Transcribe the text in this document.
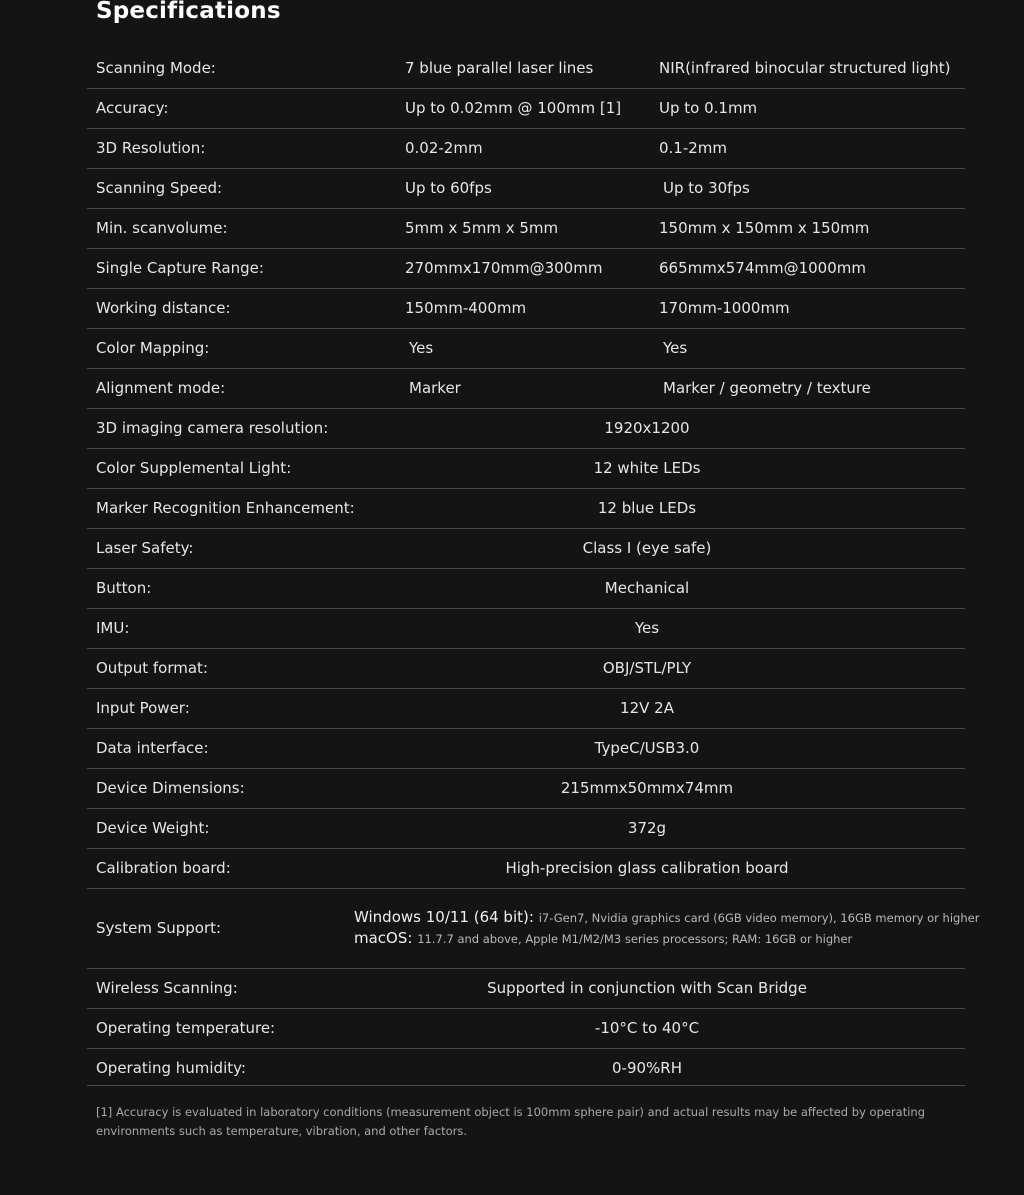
Specifications
Scanning Mode:	7 blue parallel laser lines	NIR(infrared binocular structured light)
Accuracy:	Up to 0.02mm @ 100mm [1]	Up to 0.1mm
3D Resolution:	0.02-2mm	0.1-2mm
Scanning Speed:	Up to 60fps	Up to 30fps
Min. scanvolume:	5mm x 5mm x 5mm	150mm x 150mm x 150mm
Single Capture Range:	270mmx170mm@300mm	665mmx574mm@1000mm
Working distance:	150mm-400mm	170mm-1000mm
Color Mapping:	Yes	Yes
Alignment mode:	Marker	Marker / geometry / texture
3D imaging camera resolution:	1920x1200
Color Supplemental Light:	12 white LEDs
Marker Recognition Enhancement:	12 blue LEDs
Laser Safety:	Class I (eye safe)
Button:	Mechanical
IMU:	Yes
Output format:	OBJ/STL/PLY
Input Power:	12V 2A
Data interface:	TypeC/USB3.0
Device Dimensions:	215mmx50mmx74mm
Device Weight:	372g
Calibration board:	High-precision glass calibration board
System Support:
Windows 10/11 (64 bit): i7-Gen7, Nvidia graphics card (6GB video memory), 16GB memory or higher
macOS: 11.7.7 and above, Apple M1/M2/M3 series processors; RAM: 16GB or higher
Wireless Scanning:	Supported in conjunction with Scan Bridge
Operating temperature:	-10°C to 40°C
Operating humidity:	0-90%RH

[1] Accuracy is evaluated in laboratory conditions (measurement object is 100mm sphere pair) and actual results may be affected by operating
environments such as temperature, vibration, and other factors.
